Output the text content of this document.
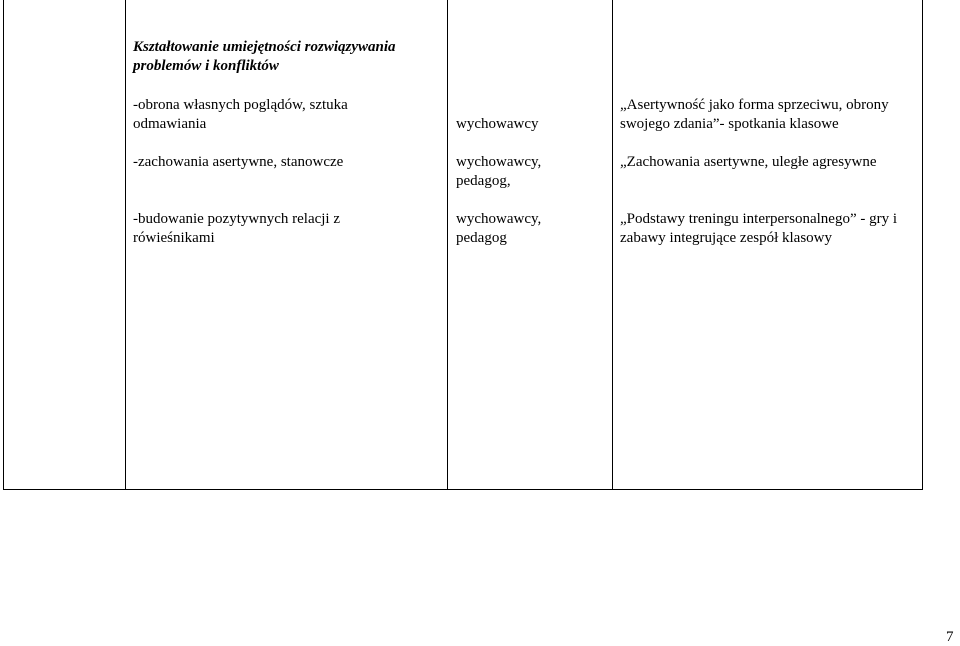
Kształtowanie umiejętności rozwiązywania problemów i konfliktów
-obrona własnych poglądów, sztuka odmawiania	wychowawcy
„Asertywność jako forma sprzeciwu, obrony swojego zdania”- spotkania klasowe
-zachowania asertywne, stanowcze	wychowawcy, pedagog,
„Zachowania asertywne, uległe agresywne
-budowanie pozytywnych relacji z rówieśnikami
wychowawcy, pedagog
„Podstawy treningu interpersonalnego” - gry i zabawy integrujące zespół klasowy
7
